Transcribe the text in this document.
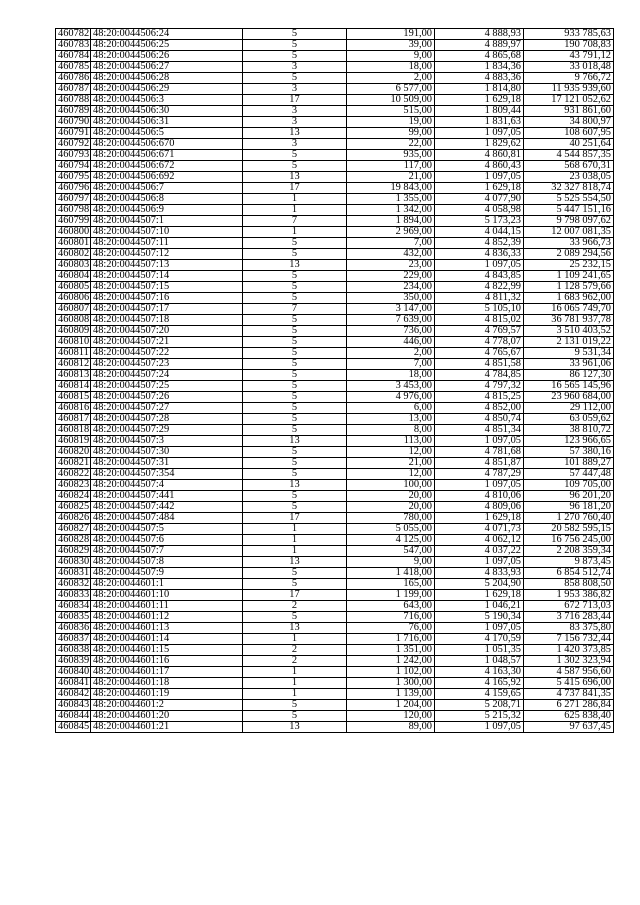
460782	48:20:0044506:24	5	191,00	4 888,93	933 785,63
460783	48:20:0044506:25	5	39,00	4 889,97	190 708,83
460784	48:20:0044506:26	5	9,00	4 865,68	43 791,12
460785	48:20:0044506:27	3	18,00	1 834,36	33 018,48
460786	48:20:0044506:28	5	2,00	4 883,36	9 766,72
460787	48:20:0044506:29	3	6 577,00	1 814,80	11 935 939,60
460788	48:20:0044506:3	17	10 509,00	1 629,18	17 121 052,62
460789	48:20:0044506:30	3	515,00	1 809,44	931 861,60
460790	48:20:0044506:31	3	19,00	1 831,63	34 800,97
460791	48:20:0044506:5	13	99,00	1 097,05	108 607,95
460792	48:20:0044506:670	3	22,00	1 829,62	40 251,64
460793	48:20:0044506:671	5	935,00	4 860,81	4 544 857,35
460794	48:20:0044506:672	5	117,00	4 860,43	568 670,31
460795	48:20:0044506:692	13	21,00	1 097,05	23 038,05
460796	48:20:0044506:7	17	19 843,00	1 629,18	32 327 818,74
460797	48:20:0044506:8	1	1 355,00	4 077,90	5 525 554,50
460798	48:20:0044506:9	1	1 342,00	4 058,98	5 447 151,16
460799	48:20:0044507:1	7	1 894,00	5 173,23	9 798 097,62
460800	48:20:0044507:10	1	2 969,00	4 044,15	12 007 081,35
460801	48:20:0044507:11	5	7,00	4 852,39	33 966,73
460802	48:20:0044507:12	5	432,00	4 836,33	2 089 294,56
460803	48:20:0044507:13	13	23,00	1 097,05	25 232,15
460804	48:20:0044507:14	5	229,00	4 843,85	1 109 241,65
460805	48:20:0044507:15	5	234,00	4 822,99	1 128 579,66
460806	48:20:0044507:16	5	350,00	4 811,32	1 683 962,00
460807	48:20:0044507:17	7	3 147,00	5 105,10	16 065 749,70
460808	48:20:0044507:18	5	7 639,00	4 815,02	36 781 937,78
460809	48:20:0044507:20	5	736,00	4 769,57	3 510 403,52
460810	48:20:0044507:21	5	446,00	4 778,07	2 131 019,22
460811	48:20:0044507:22	5	2,00	4 765,67	9 531,34
460812	48:20:0044507:23	5	7,00	4 851,58	33 961,06
460813	48:20:0044507:24	5	18,00	4 784,85	86 127,30
460814	48:20:0044507:25	5	3 453,00	4 797,32	16 565 145,96
460815	48:20:0044507:26	5	4 976,00	4 815,25	23 960 684,00
460816	48:20:0044507:27	5	6,00	4 852,00	29 112,00
460817	48:20:0044507:28	5	13,00	4 850,74	63 059,62
460818	48:20:0044507:29	5	8,00	4 851,34	38 810,72
460819	48:20:0044507:3	13	113,00	1 097,05	123 966,65
460820	48:20:0044507:30	5	12,00	4 781,68	57 380,16
460821	48:20:0044507:31	5	21,00	4 851,87	101 889,27
460822	48:20:0044507:354	5	12,00	4 787,29	57 447,48
460823	48:20:0044507:4	13	100,00	1 097,05	109 705,00
460824	48:20:0044507:441	5	20,00	4 810,06	96 201,20
460825	48:20:0044507:442	5	20,00	4 809,06	96 181,20
460826	48:20:0044507:484	17	780,00	1 629,18	1 270 760,40
460827	48:20:0044507:5	1	5 055,00	4 071,73	20 582 595,15
460828	48:20:0044507:6	1	4 125,00	4 062,12	16 756 245,00
460829	48:20:0044507:7	1	547,00	4 037,22	2 208 359,34
460830	48:20:0044507:8	13	9,00	1 097,05	9 873,45
460831	48:20:0044507:9	5	1 418,00	4 833,93	6 854 512,74
460832	48:20:0044601:1	5	165,00	5 204,90	858 808,50
460833	48:20:0044601:10	17	1 199,00	1 629,18	1 953 386,82
460834	48:20:0044601:11	2	643,00	1 046,21	672 713,03
460835	48:20:0044601:12	5	716,00	5 190,34	3 716 283,44
460836	48:20:0044601:13	13	76,00	1 097,05	83 375,80
460837	48:20:0044601:14	1	1 716,00	4 170,59	7 156 732,44
460838	48:20:0044601:15	2	1 351,00	1 051,35	1 420 373,85
460839	48:20:0044601:16	2	1 242,00	1 048,57	1 302 323,94
460840	48:20:0044601:17	1	1 102,00	4 163,30	4 587 956,60
460841	48:20:0044601:18	1	1 300,00	4 165,92	5 415 696,00
460842	48:20:0044601:19	1	1 139,00	4 159,65	4 737 841,35
460843	48:20:0044601:2	5	1 204,00	5 208,71	6 271 286,84
460844	48:20:0044601:20	5	120,00	5 215,32	625 838,40
460845	48:20:0044601:21	13	89,00	1 097,05	97 637,45
